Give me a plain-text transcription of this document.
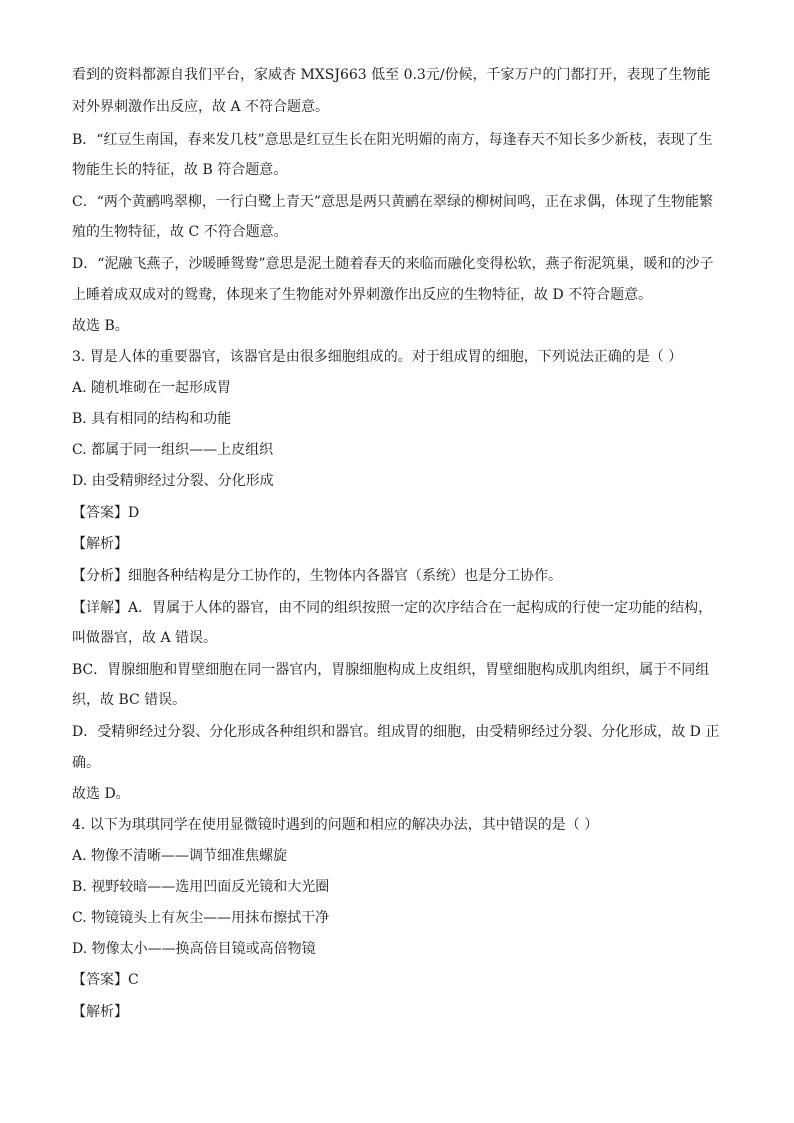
看到的资料都源自我们平台，家威杏 MXSJ663 低至 0.3元/份候，千家万户的门都打开，表现了生物能
对外界刺激作出反应，故 A 不符合题意。
B．“红豆生南国，春来发几枝”意思是红豆生长在阳光明媚的南方，每逢春天不知长多少新枝，表现了生
物能生长的特征，故 B 符合题意。
C．“两个黄鹂鸣翠柳，一行白鹭上青天”意思是两只黄鹂在翠绿的柳树间鸣，正在求偶，体现了生物能繁
殖的生物特征，故 C 不符合题意。
D．“泥融飞燕子，沙暖睡鸳鸯”意思是泥土随着春天的来临而融化变得松软，燕子衔泥筑巢，暖和的沙子
上睡着成双成对的鸳鸯，体现来了生物能对外界刺激作出反应的生物特征，故 D 不符合题意。
故选 B。
3. 胃是人体的重要器官，该器官是由很多细胞组成的。对于组成胃的细胞，下列说法正确的是（ ）
A. 随机堆砌在一起形成胃
B. 具有相同的结构和功能
C. 都属于同一组织——上皮组织
D. 由受精卵经过分裂、分化形成
【答案】D
【解析】
【分析】细胞各种结构是分工协作的，生物体内各器官（系统）也是分工协作。
【详解】A．胃属于人体的器官，由不同的组织按照一定的次序结合在一起构成的行使一定功能的结构，
叫做器官，故 A 错误。
BC．胃腺细胞和胃壁细胞在同一器官内，胃腺细胞构成上皮组织，胃壁细胞构成肌肉组织，属于不同组
织，故 BC 错误。
D．受精卵经过分裂、分化形成各种组织和器官。组成胃的细胞，由受精卵经过分裂、分化形成，故 D 正
确。
故选 D。
4. 以下为琪琪同学在使用显微镜时遇到的问题和相应的解决办法，其中错误的是（ ）
A. 物像不清晰——调节细准焦螺旋
B. 视野较暗——选用凹面反光镜和大光圈
C. 物镜镜头上有灰尘——用抹布擦拭干净
D. 物像太小——换高倍目镜或高倍物镜
【答案】C
【解析】
